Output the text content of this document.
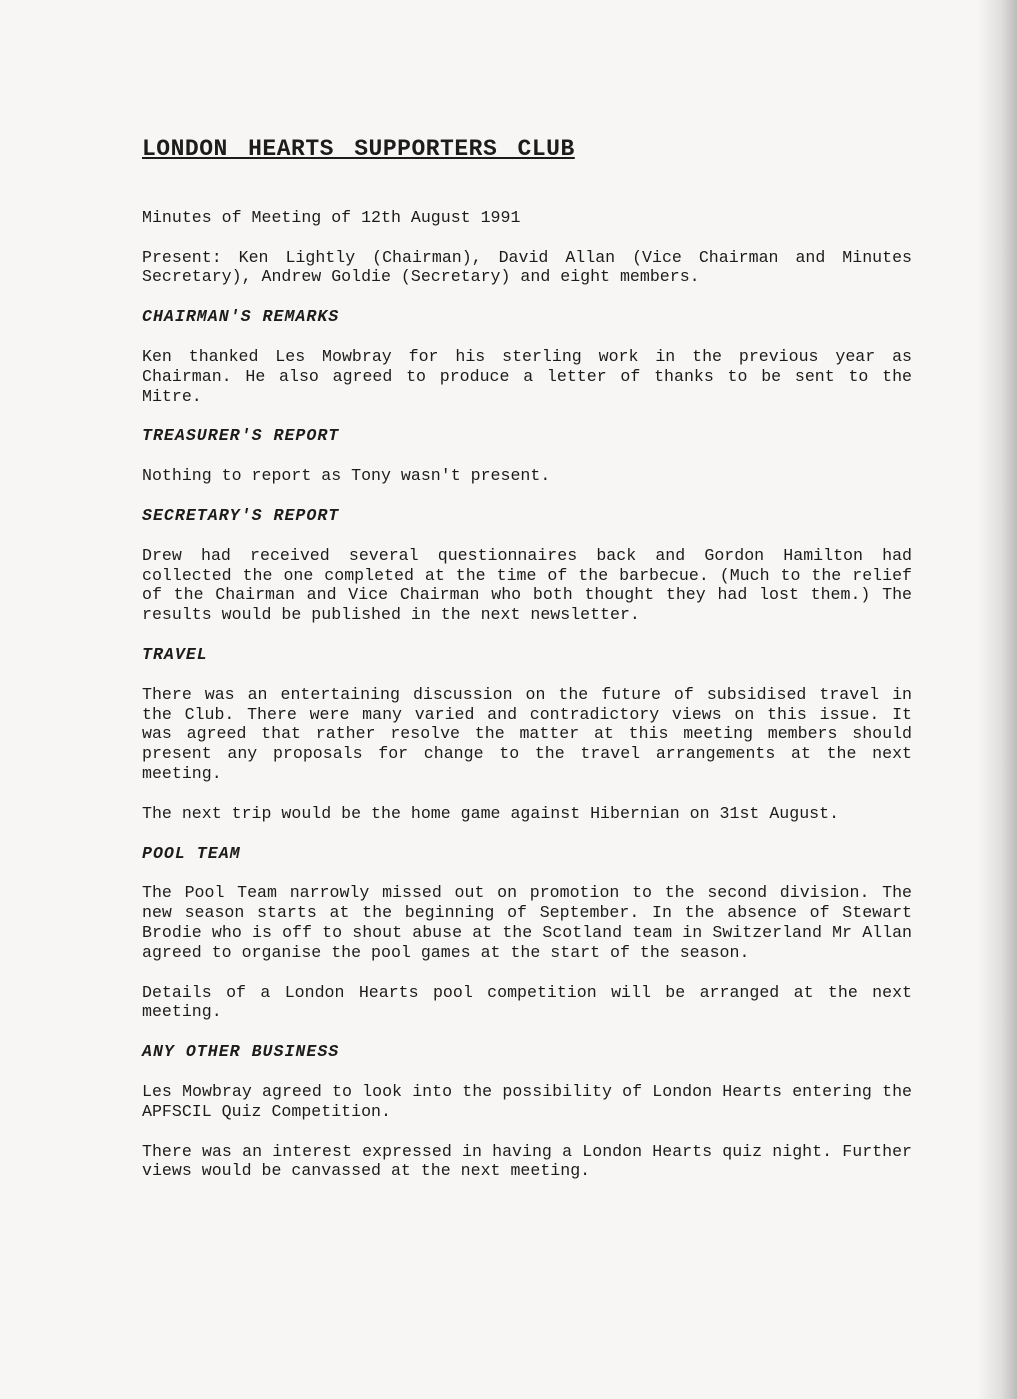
LONDON HEARTS SUPPORTERS CLUB
Minutes of Meeting of 12th August 1991
Present: Ken Lightly (Chairman), David Allan (Vice Chairman and Minutes Secretary), Andrew Goldie (Secretary) and eight members.
CHAIRMAN'S REMARKS
Ken thanked Les Mowbray for his sterling work in the previous year as Chairman. He also agreed to produce a letter of thanks to be sent to the Mitre.
TREASURER'S REPORT
Nothing to report as Tony wasn't present.
SECRETARY'S REPORT
Drew had received several questionnaires back and Gordon Hamilton had collected the one completed at the time of the barbecue. (Much to the relief of the Chairman and Vice Chairman who both thought they had lost them.) The results would be published in the next newsletter.
TRAVEL
There was an entertaining discussion on the future of subsidised travel in the Club. There were many varied and contradictory views on this issue. It was agreed that rather resolve the matter at this meeting members should present any proposals for change to the travel arrangements at the next meeting.
The next trip would be the home game against Hibernian on 31st August.
POOL TEAM
The Pool Team narrowly missed out on promotion to the second division. The new season starts at the beginning of September. In the absence of Stewart Brodie who is off to shout abuse at the Scotland team in Switzerland Mr Allan agreed to organise the pool games at the start of the season.
Details of a London Hearts pool competition will be arranged at the next meeting.
ANY OTHER BUSINESS
Les Mowbray agreed to look into the possibility of London Hearts entering the APFSCIL Quiz Competition.
There was an interest expressed in having a London Hearts quiz night. Further views would be canvassed at the next meeting.
